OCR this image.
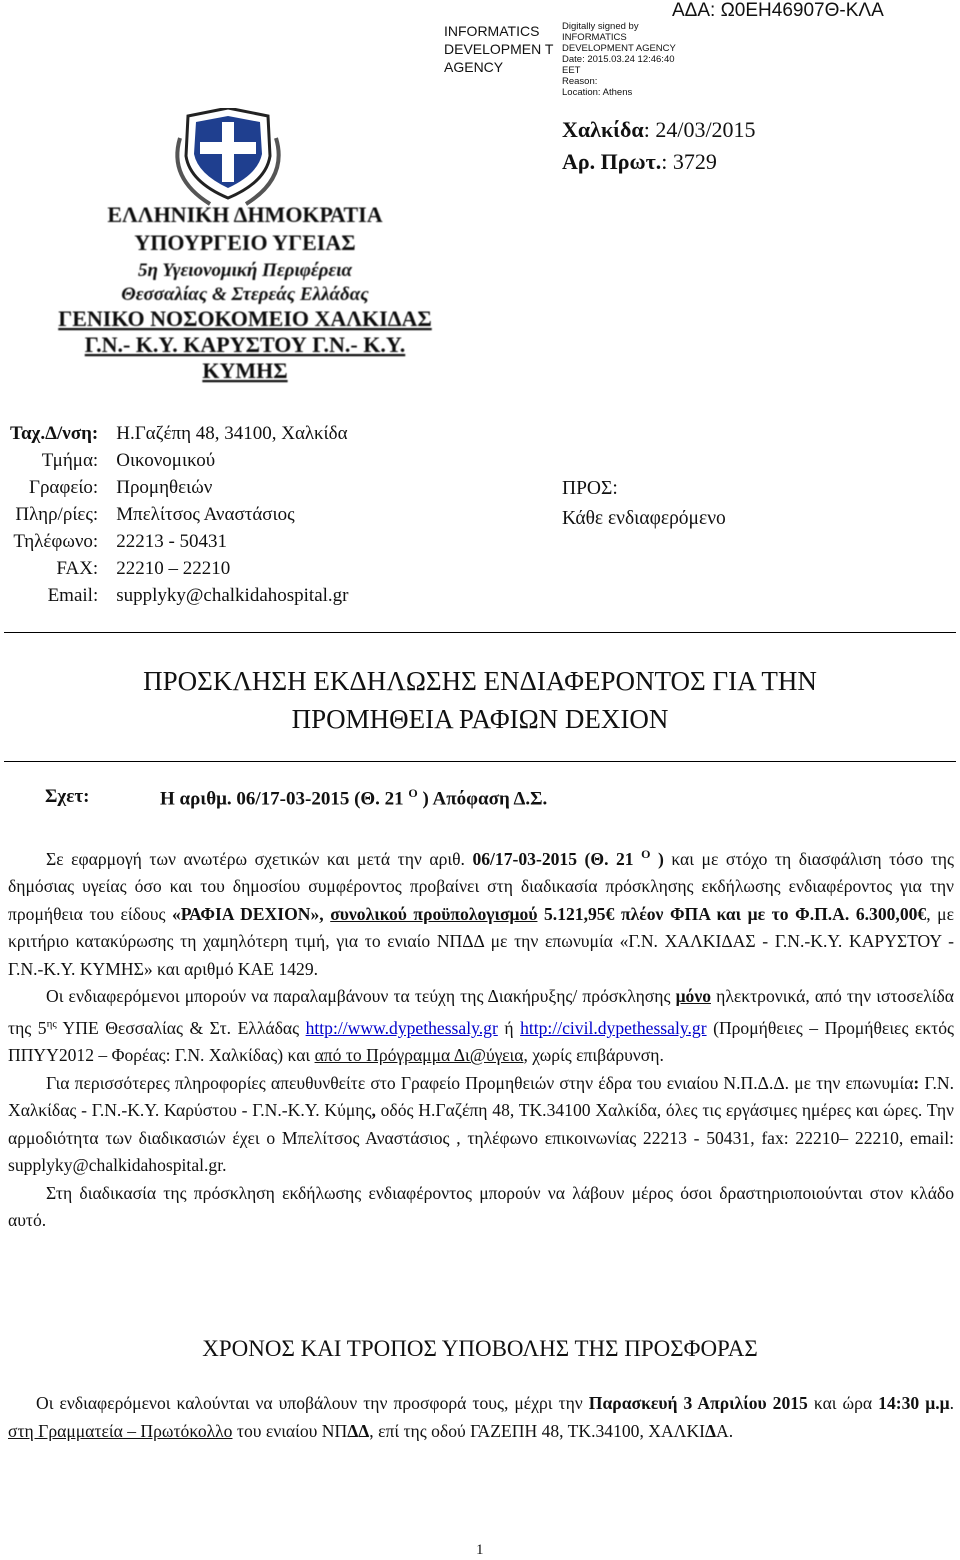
INFORMATICS DEVELOPMEN T AGENCY
Digitally signed by
INFORMATICS
DEVELOPMENT AGENCY
Date: 2015.03.24 12:46:40
EET
Reason:
Location: Athens
ΑΔΑ: Ω0ΕΗ46907Θ-ΚΛΑ
Χαλκίδα: 24/03/2015
Αρ. Πρωτ.: 3729
ΕΛΛΗΝΙΚΗ ΔΗΜΟΚΡΑΤΙΑ
ΥΠΟΥΡΓΕΙΟ ΥΓΕΙΑΣ
5η Υγειονομική Περιφέρεια
Θεσσαλίας & Στερεάς Ελλάδας
ΓΕΝΙΚΟ ΝΟΣΟΚΟΜΕΙΟ ΧΑΛΚΙΔΑΣ
Γ.Ν.- Κ.Υ. ΚΑΡΥΣΤΟΥ Γ.Ν.- Κ.Υ.
ΚΥΜΗΣ
Ταχ.Δ/νση:	Η.Γαζέπη 48, 34100, Χαλκίδα
Τμήμα:	Οικονομικού
Γραφείο:	Προμηθειών
Πληρ/ρίες:	Μπελίτσος Αναστάσιος
Τηλέφωνο:	22213 - 50431
FAX:	22210 – 22210
Email:	supplyky@chalkidahospital.gr
ΠΡΟΣ:
Κάθε ενδιαφερόμενο
ΠΡΟΣΚΛΗΣΗ ΕΚΔΗΛΩΣΗΣ ΕΝΔΙΑΦΕΡΟΝΤΟΣ ΓΙΑ ΤΗΝ
ΠΡΟΜΗΘΕΙΑ ΡΑΦΙΩΝ DEXION
Σχετ:	Η αριθμ. 06/17-03-2015 (Θ. 21 $^O$ ) Απόφαση Δ.Σ.

Σε εφαρμογή των ανωτέρω σχετικών και μετά την αριθ. 06/17-03-2015 (Θ. 21 $^O$ ) και με στόχο τη διασφάλιση τόσο της δημόσιας υγείας όσο και του δημοσίου συμφέροντος προβαίνει στη διαδικασία πρόσκλησης εκδήλωσης ενδιαφέροντος για την προμήθεια του είδους «ΡΑΦΙΑ DEXION», συνολικού προϋπολογισμού 5.121,95€ πλέον ΦΠΑ και με το Φ.Π.Α. 6.300,00€, με κριτήριο κατακύρωσης τη χαμηλότερη τιμή, για το ενιαίο ΝΠΔΔ με την επωνυμία «Γ.Ν. ΧΑΛΚΙΔΑΣ - Γ.Ν.-Κ.Υ. ΚΑΡΥΣΤΟΥ - Γ.Ν.-Κ.Υ. ΚΥΜΗΣ» και αριθμό ΚΑΕ 1429.

Οι ενδιαφερόμενοι μπορούν να παραλαμβάνουν τα τεύχη της Διακήρυξης/ πρόσκλησης μόνο ηλεκτρονικά, από την ιστοσελίδα της $5^{\eta\varsigma}$ ΥΠΕ Θεσσαλίας & Στ. Ελλάδας http://www.dypethessaly.gr ή http://civil.dypethessaly.gr (Προμήθειες – Προμήθειες εκτός ΠΠΥΥ2012 – Φορέας: Γ.Ν. Χαλκίδας) και από το Πρόγραμμα Δι@ύγεια, χωρίς επιβάρυνση.

Για περισσότερες πληροφορίες απευθυνθείτε στο Γραφείο Προμηθειών στην έδρα του ενιαίου Ν.Π.Δ.Δ. με την επωνυμία: Γ.Ν. Χαλκίδας - Γ.Ν.-Κ.Υ. Καρύστου - Γ.Ν.-Κ.Υ. Κύμης, οδός Η.Γαζέπη 48, ΤΚ.34100 Χαλκίδα, όλες τις εργάσιμες ημέρες και ώρες. Την αρμοδιότητα των διαδικασιών έχει ο Μπελίτσος Αναστάσιος , τηλέφωνο επικοινωνίας 22213 - 50431, fax: 22210– 22210, email: supplyky@chalkidahospital.gr.

Στη διαδικασία της πρόσκληση εκδήλωσης ενδιαφέροντος μπορούν να λάβουν μέρος όσοι δραστηριοποιούνται στον κλάδο αυτό.

ΧΡΟΝΟΣ ΚΑΙ ΤΡΟΠΟΣ ΥΠΟΒΟΛΗΣ ΤΗΣ ΠΡΟΣΦΟΡΑΣ
Οι ενδιαφερόμενοι καλούνται να υποβάλουν την προσφορά τους, μέχρι την Παρασκευή 3 Απριλίου 2015 και ώρα 14:30 μ.μ. στη Γραμματεία – Πρωτόκολλο του ενιαίου ΝΠΔΔ, επί της οδού ΓΑΖΕΠΗ 48, ΤΚ.34100, ΧΑΛΚΙΔΑ.
1
